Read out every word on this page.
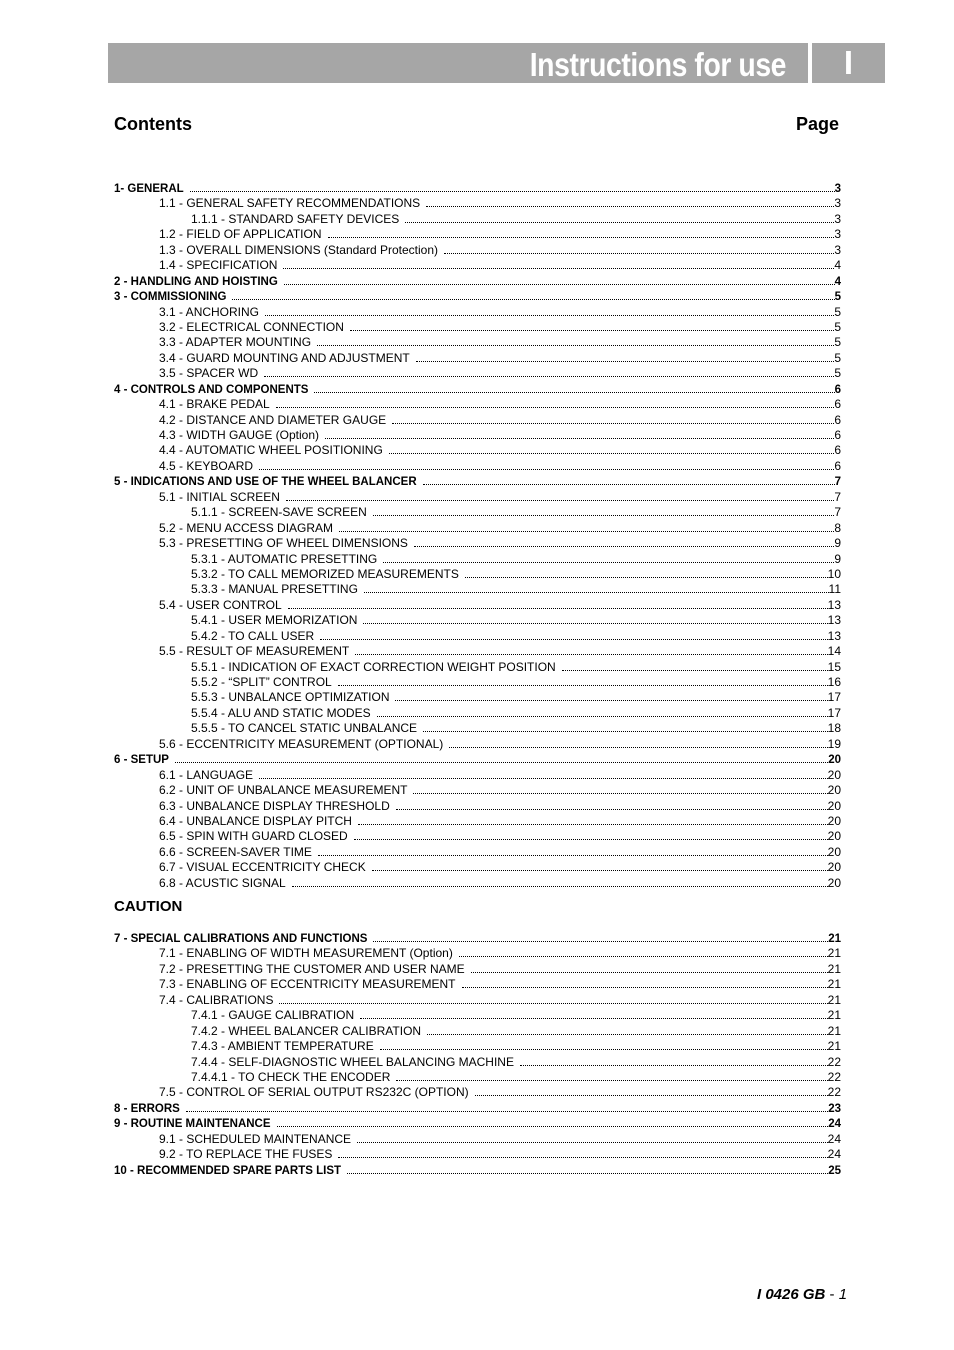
Instructions for use	I
Contents	Page
1- GENERAL	3
1.1 - GENERAL SAFETY RECOMMENDATIONS	3
1.1.1 - STANDARD SAFETY DEVICES	3
1.2 - FIELD OF APPLICATION	3
1.3 - OVERALL DIMENSIONS (Standard Protection)	3
1.4 - SPECIFICATION	4
2 - HANDLING AND HOISTING	4
3 - COMMISSIONING	5
3.1 - ANCHORING	5
3.2 - ELECTRICAL CONNECTION	5
3.3 - ADAPTER MOUNTING	5
3.4 - GUARD MOUNTING AND ADJUSTMENT	5
3.5 - SPACER WD	5
4 - CONTROLS AND COMPONENTS	6
4.1 - BRAKE PEDAL	6
4.2 - DISTANCE AND DIAMETER GAUGE	6
4.3 - WIDTH GAUGE (Option)	6
4.4 - AUTOMATIC WHEEL POSITIONING	6
4.5 - KEYBOARD	6
5 - INDICATIONS AND USE OF THE WHEEL BALANCER	7
5.1 - INITIAL SCREEN	7
5.1.1 - SCREEN-SAVE SCREEN	7
5.2 - MENU ACCESS DIAGRAM	8
5.3 - PRESETTING OF WHEEL DIMENSIONS	9
5.3.1 - AUTOMATIC PRESETTING	9
5.3.2 - TO CALL MEMORIZED MEASUREMENTS	10
5.3.3 - MANUAL PRESETTING	11
5.4 - USER CONTROL	13
5.4.1 - USER MEMORIZATION	13
5.4.2 - TO CALL USER	13
5.5 - RESULT OF MEASUREMENT	14
5.5.1 - INDICATION OF EXACT CORRECTION WEIGHT POSITION	15
5.5.2 - “SPLIT” CONTROL	16
5.5.3 - UNBALANCE OPTIMIZATION	17
5.5.4 - ALU AND STATIC MODES	17
5.5.5 - TO CANCEL STATIC UNBALANCE	18
5.6 - ECCENTRICITY MEASUREMENT (OPTIONAL)	19
6 - SETUP	20
6.1 - LANGUAGE	20
6.2 - UNIT OF UNBALANCE MEASUREMENT	20
6.3 - UNBALANCE DISPLAY THRESHOLD	20
6.4 - UNBALANCE DISPLAY PITCH	20
6.5 - SPIN WITH GUARD CLOSED	20
6.6 - SCREEN-SAVER TIME	20
6.7 - VISUAL ECCENTRICITY CHECK	20
6.8 - ACUSTIC SIGNAL	20
CAUTION
7 - SPECIAL CALIBRATIONS AND FUNCTIONS	21
7.1 - ENABLING OF WIDTH MEASUREMENT (Option)	21
7.2 - PRESETTING THE CUSTOMER AND USER NAME	21
7.3 - ENABLING OF ECCENTRICITY MEASUREMENT	21
7.4 - CALIBRATIONS	21
7.4.1 - GAUGE CALIBRATION	21
7.4.2 - WHEEL BALANCER CALIBRATION	21
7.4.3 - AMBIENT TEMPERATURE	21
7.4.4 - SELF-DIAGNOSTIC WHEEL BALANCING MACHINE	22
7.4.4.1 - TO CHECK THE ENCODER	22
7.5 - CONTROL OF SERIAL OUTPUT RS232C (OPTION)	22
8 - ERRORS	23
9 - ROUTINE MAINTENANCE	24
9.1 - SCHEDULED MAINTENANCE	24
9.2 - TO REPLACE THE FUSES	24
10 - RECOMMENDED SPARE PARTS LIST	25
I 0426 GB - 1
